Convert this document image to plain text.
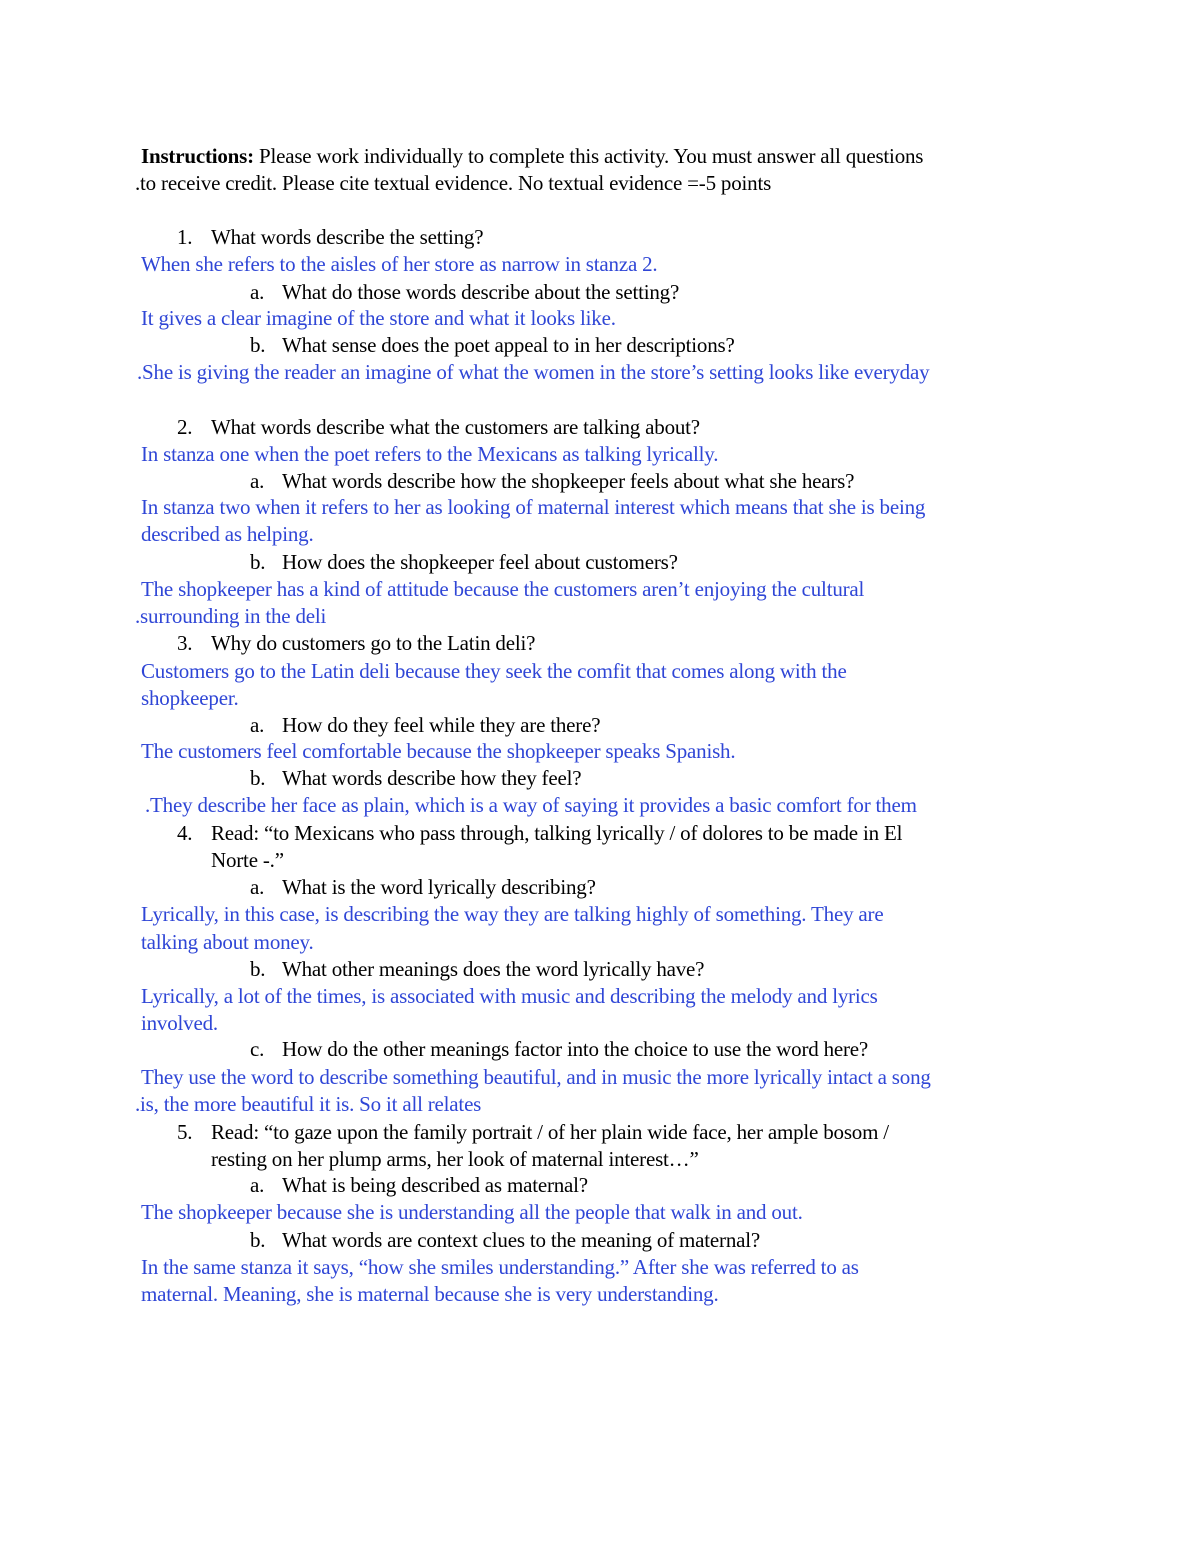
Instructions: Please work individually to complete this activity. You must answer all questions
.to receive credit. Please cite textual evidence. No textual evidence =-5 points
1. What words describe the setting?
When she refers to the aisles of her store as narrow in stanza 2.
a. What do those words describe about the setting?
It gives a clear imagine of the store and what it looks like.
b. What sense does the poet appeal to in her descriptions?
.She is giving the reader an imagine of what the women in the store’s setting looks like everyday
2. What words describe what the customers are talking about?
In stanza one when the poet refers to the Mexicans as talking lyrically.
a. What words describe how the shopkeeper feels about what she hears?
In stanza two when it refers to her as looking of maternal interest which means that she is being
described as helping.
b. How does the shopkeeper feel about customers?
The shopkeeper has a kind of attitude because the customers aren’t enjoying the cultural
.surrounding in the deli
3. Why do customers go to the Latin deli?
Customers go to the Latin deli because they seek the comfit that comes along with the
shopkeeper.
a. How do they feel while they are there?
The customers feel comfortable because the shopkeeper speaks Spanish.
b. What words describe how they feel?
.They describe her face as plain, which is a way of saying it provides a basic comfort for them
4. Read: “to Mexicans who pass through, talking lyrically / of dolores to be made in El
Norte -.”
a. What is the word lyrically describing?
Lyrically, in this case, is describing the way they are talking highly of something. They are
talking about money.
b. What other meanings does the word lyrically have?
Lyrically, a lot of the times, is associated with music and describing the melody and lyrics
involved.
c. How do the other meanings factor into the choice to use the word here?
They use the word to describe something beautiful, and in music the more lyrically intact a song
.is, the more beautiful it is. So it all relates
5. Read: “to gaze upon the family portrait / of her plain wide face, her ample bosom /
resting on her plump arms, her look of maternal interest…”
a. What is being described as maternal?
The shopkeeper because she is understanding all the people that walk in and out.
b. What words are context clues to the meaning of maternal?
In the same stanza it says, “how she smiles understanding.” After she was referred to as
maternal. Meaning, she is maternal because she is very understanding.
